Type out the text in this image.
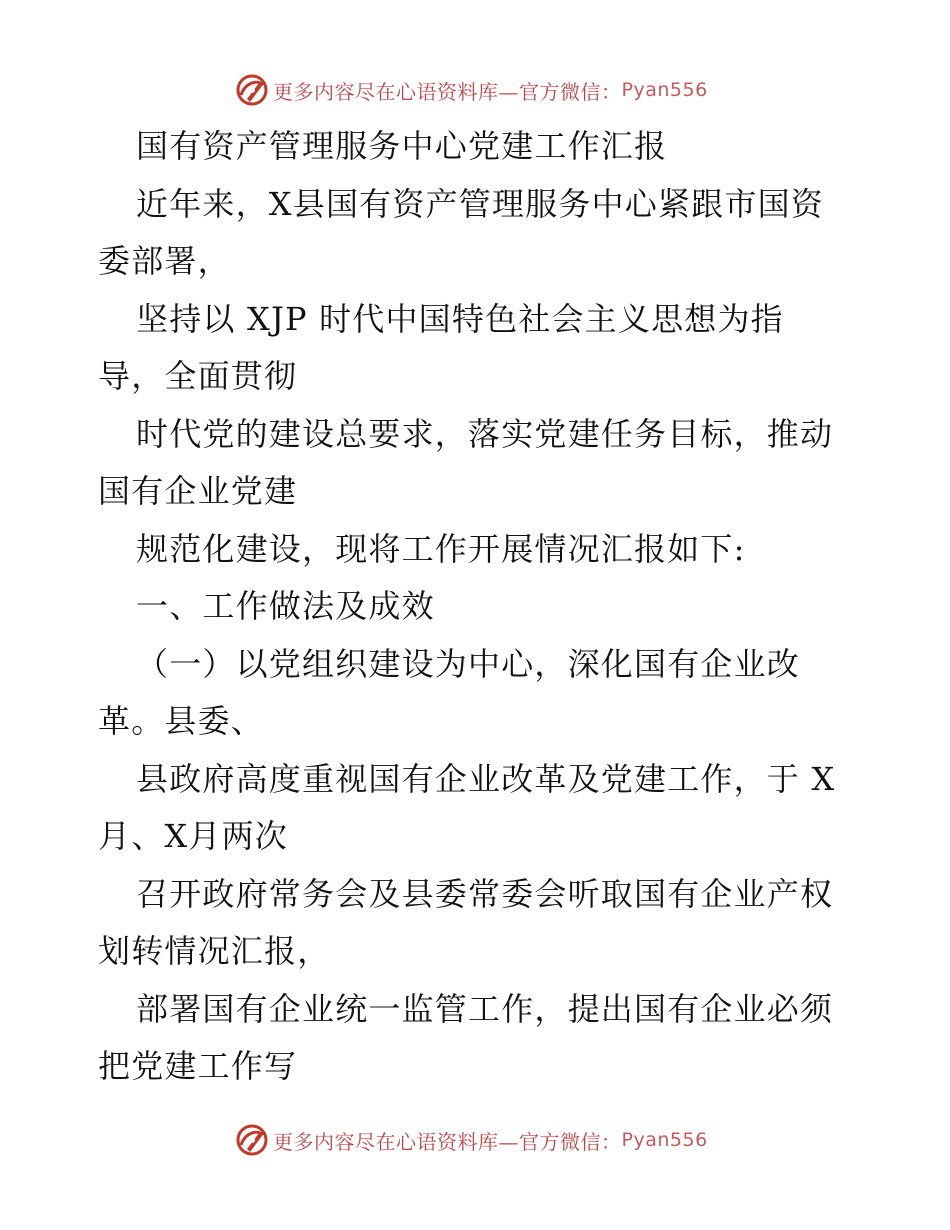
更多内容尽在心语资料库—官方微信： Pyan556
国有资产管理服务中心党建工作汇报
近年来，X县国有资产管理服务中心紧跟市国资
委部署，
坚持以 XJP 时代中国特色社会主义思想为指
导，全面贯彻
时代党的建设总要求，落实党建任务目标，推动
国有企业党建
规范化建设，现将工作开展情况汇报如下:
一、工作做法及成效
（一）以党组织建设为中心，深化国有企业改
革。县委、
县政府高度重视国有企业改革及党建工作，于 X
月、X月两次
召开政府常务会及县委常委会听取国有企业产权
划转情况汇报，
部署国有企业统一监管工作，提出国有企业必须
把党建工作写
更多内容尽在心语资料库—官方微信： Pyan556
